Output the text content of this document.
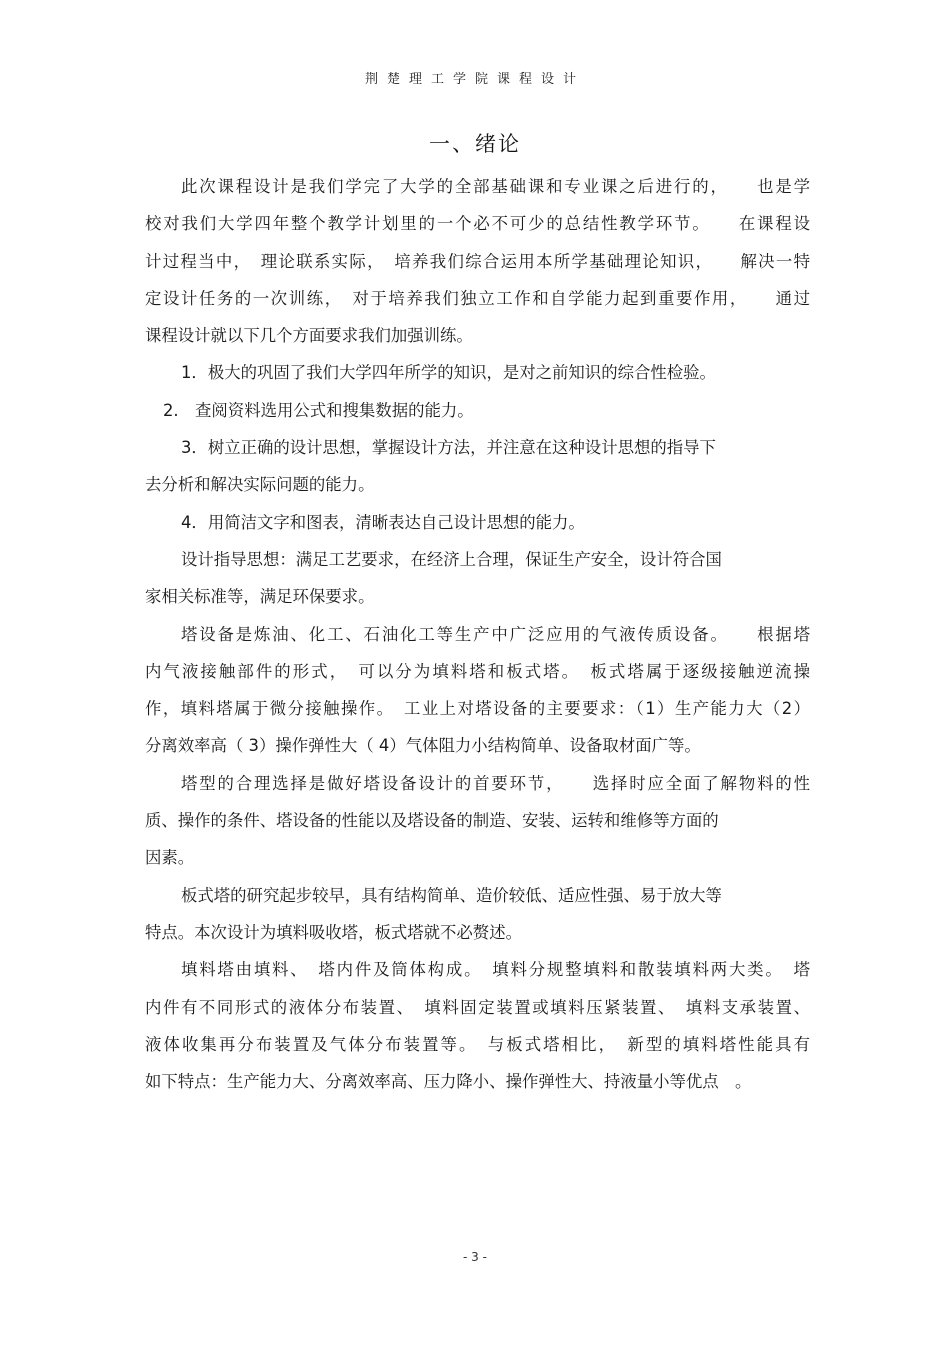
荆楚理工学院课程设计
一、绪论
此次课程设计是我们学完了大学的全部基础课和专业课之后进行的，　　也是学
校对我们大学四年整个教学计划里的一个必不可少的总结性教学环节。　　在课程设
计过程当中，　理论联系实际，　培养我们综合运用本所学基础理论知识，　　解决一特
定设计任务的一次训练，　对于培养我们独立工作和自学能力起到重要作用，　　通过
课程设计就以下几个方面要求我们加强训练。
1．极大的巩固了我们大学四年所学的知识，是对之前知识的综合性检验。
2.　查阅资料选用公式和搜集数据的能力。
3．树立正确的设计思想，掌握设计方法，并注意在这种设计思想的指导下
去分析和解决实际问题的能力。
4．用简洁文字和图表，清晰表达自己设计思想的能力。
设计指导思想：满足工艺要求，在经济上合理，保证生产安全，设计符合国
家相关标准等，满足环保要求。
塔设备是炼油、化工、石油化工等生产中广泛应用的气液传质设备。　　根据塔
内气液接触部件的形式，　可以分为填料塔和板式塔。　板式塔属于逐级接触逆流操
作，填料塔属于微分接触操作。　工业上对塔设备的主要要求：（1）生产能力大（2）
分离效率高（ 3）操作弹性大（ 4）气体阻力小结构简单、设备取材面广等。
塔型的合理选择是做好塔设备设计的首要环节，　　选择时应全面了解物料的性
质、操作的条件、塔设备的性能以及塔设备的制造、安装、运转和维修等方面的
因素。
板式塔的研究起步较早，具有结构简单、造价较低、适应性强、易于放大等
特点。本次设计为填料吸收塔，板式塔就不必赘述。
填料塔由填料、　塔内件及筒体构成。　填料分规整填料和散装填料两大类。　塔
内件有不同形式的液体分布装置、　填料固定装置或填料压紧装置、　填料支承装置、
液体收集再分布装置及气体分布装置等。　与板式塔相比，　新型的填料塔性能具有
如下特点：生产能力大、分离效率高、压力降小、操作弹性大、持液量小等优点　。
- 3 -
